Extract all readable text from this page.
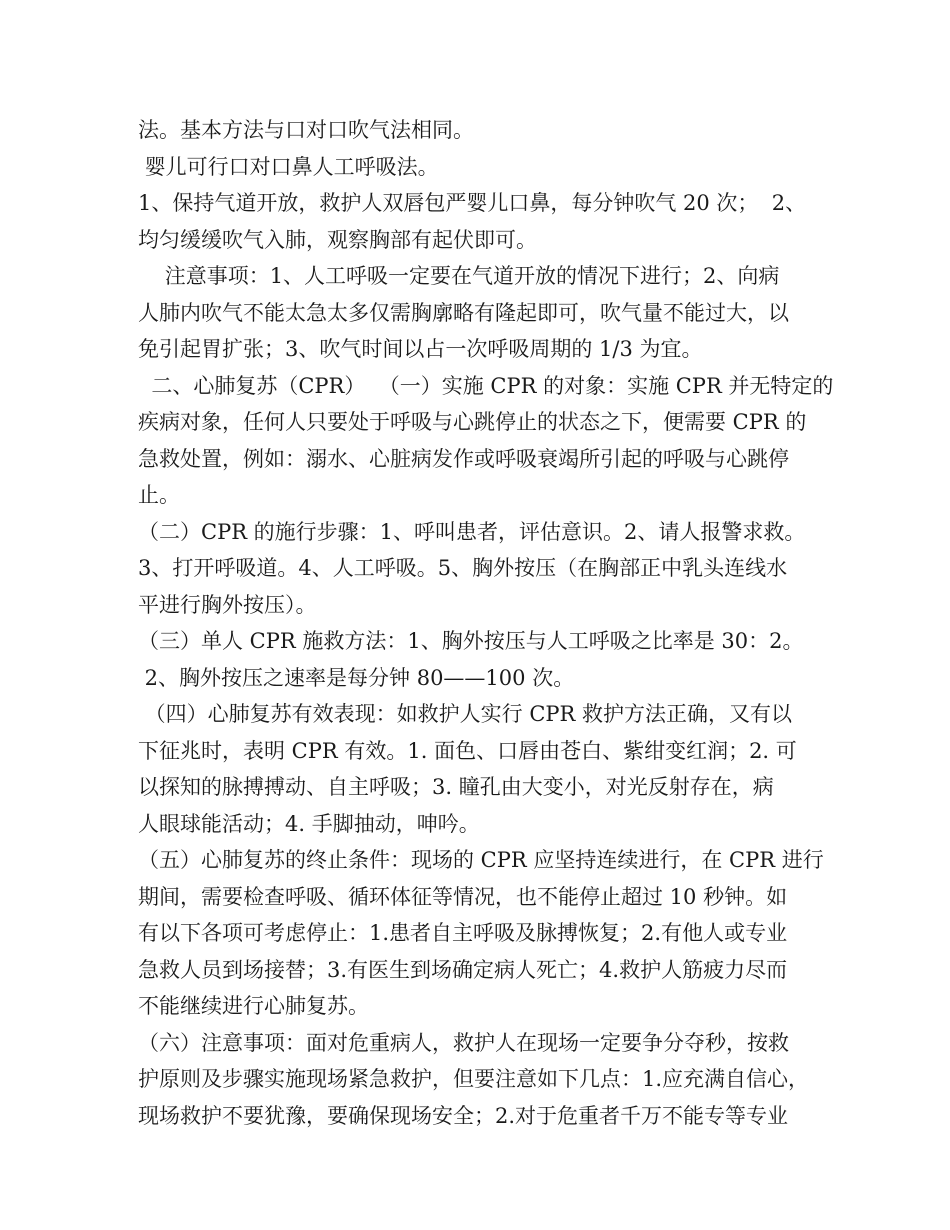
法。基本方法与口对口吹气法相同。
婴儿可行口对口鼻人工呼吸法。
1、保持气道开放，救护人双唇包严婴儿口鼻，每分钟吹气 20 次；  2、
均匀缓缓吹气入肺，观察胸部有起伏即可。
注意事项：1、人工呼吸一定要在气道开放的情况下进行；2、向病
人肺内吹气不能太急太多仅需胸廓略有隆起即可，吹气量不能过大，以
免引起胃扩张；3、吹气时间以占一次呼吸周期的 1/3 为宜。
二、心肺复苏（CPR）  （一）实施 CPR 的对象：实施 CPR 并无特定的
疾病对象，任何人只要处于呼吸与心跳停止的状态之下，便需要 CPR 的
急救处置，例如：溺水、心脏病发作或呼吸衰竭所引起的呼吸与心跳停
止。
（二）CPR 的施行步骤：1、呼叫患者，评估意识。2、请人报警求救。
3、打开呼吸道。4、人工呼吸。5、胸外按压（在胸部正中乳头连线水
平进行胸外按压）。
（三）单人 CPR 施救方法：1、胸外按压与人工呼吸之比率是 30：2。
2、胸外按压之速率是每分钟 80——100 次。
（四）心肺复苏有效表现：如救护人实行 CPR 救护方法正确，又有以
下征兆时，表明 CPR 有效。1. 面色、口唇由苍白、紫绀变红润；2. 可
以探知的脉搏搏动、自主呼吸；3. 瞳孔由大变小，对光反射存在，病
人眼球能活动；4. 手脚抽动，呻吟。
（五）心肺复苏的终止条件：现场的 CPR 应坚持连续进行，在 CPR 进行
期间，需要检查呼吸、循环体征等情况，也不能停止超过 10 秒钟。如
有以下各项可考虑停止：1.患者自主呼吸及脉搏恢复；2.有他人或专业
急救人员到场接替；3.有医生到场确定病人死亡；4.救护人筋疲力尽而
不能继续进行心肺复苏。
（六）注意事项：面对危重病人，救护人在现场一定要争分夺秒，按救
护原则及步骤实施现场紧急救护，但要注意如下几点：1.应充满自信心，
现场救护不要犹豫，要确保现场安全；2.对于危重者千万不能专等专业
